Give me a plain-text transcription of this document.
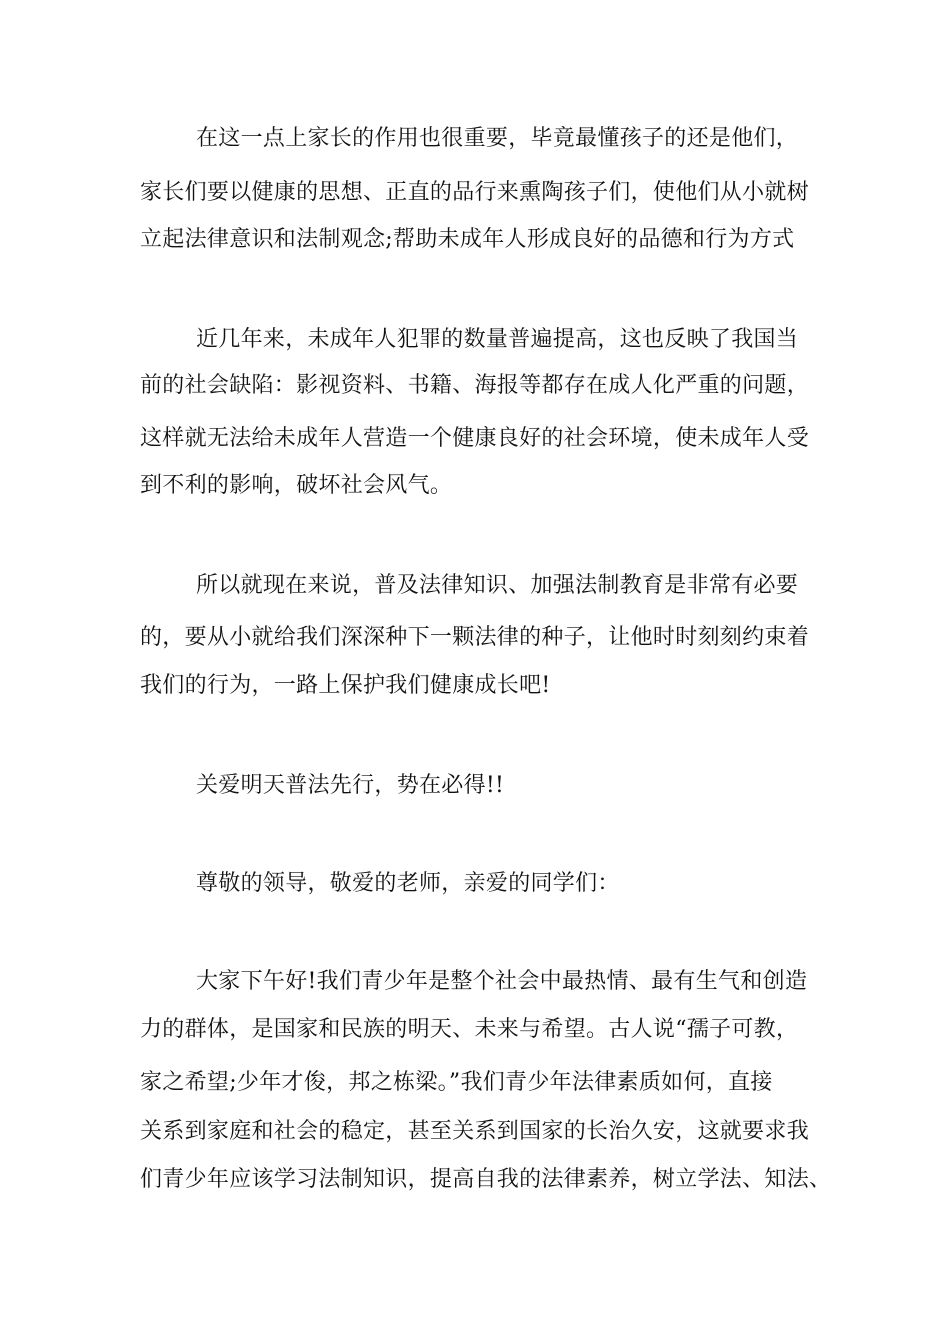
在这一点上家长的作用也很重要，毕竟最懂孩子的还是他们，
家长们要以健康的思想、正直的品行来熏陶孩子们，使他们从小就树
立起法律意识和法制观念;帮助未成年人形成良好的品德和行为方式
近几年来，未成年人犯罪的数量普遍提高，这也反映了我国当
前的社会缺陷：影视资料、书籍、海报等都存在成人化严重的问题，
这样就无法给未成年人营造一个健康良好的社会环境，使未成年人受
到不利的影响，破坏社会风气。
所以就现在来说，普及法律知识、加强法制教育是非常有必要
的，要从小就给我们深深种下一颗法律的种子，让他时时刻刻约束着
我们的行为，一路上保护我们健康成长吧!
关爱明天普法先行，势在必得!!
尊敬的领导，敬爱的老师，亲爱的同学们：
大家下午好!我们青少年是整个社会中最热情、最有生气和创造
力的群体，是国家和民族的明天、未来与希望。古人说“孺子可教，
家之希望;少年才俊，邦之栋梁。”我们青少年法律素质如何，直接
关系到家庭和社会的稳定，甚至关系到国家的长治久安，这就要求我
们青少年应该学习法制知识，提高自我的法律素养，树立学法、知法、
